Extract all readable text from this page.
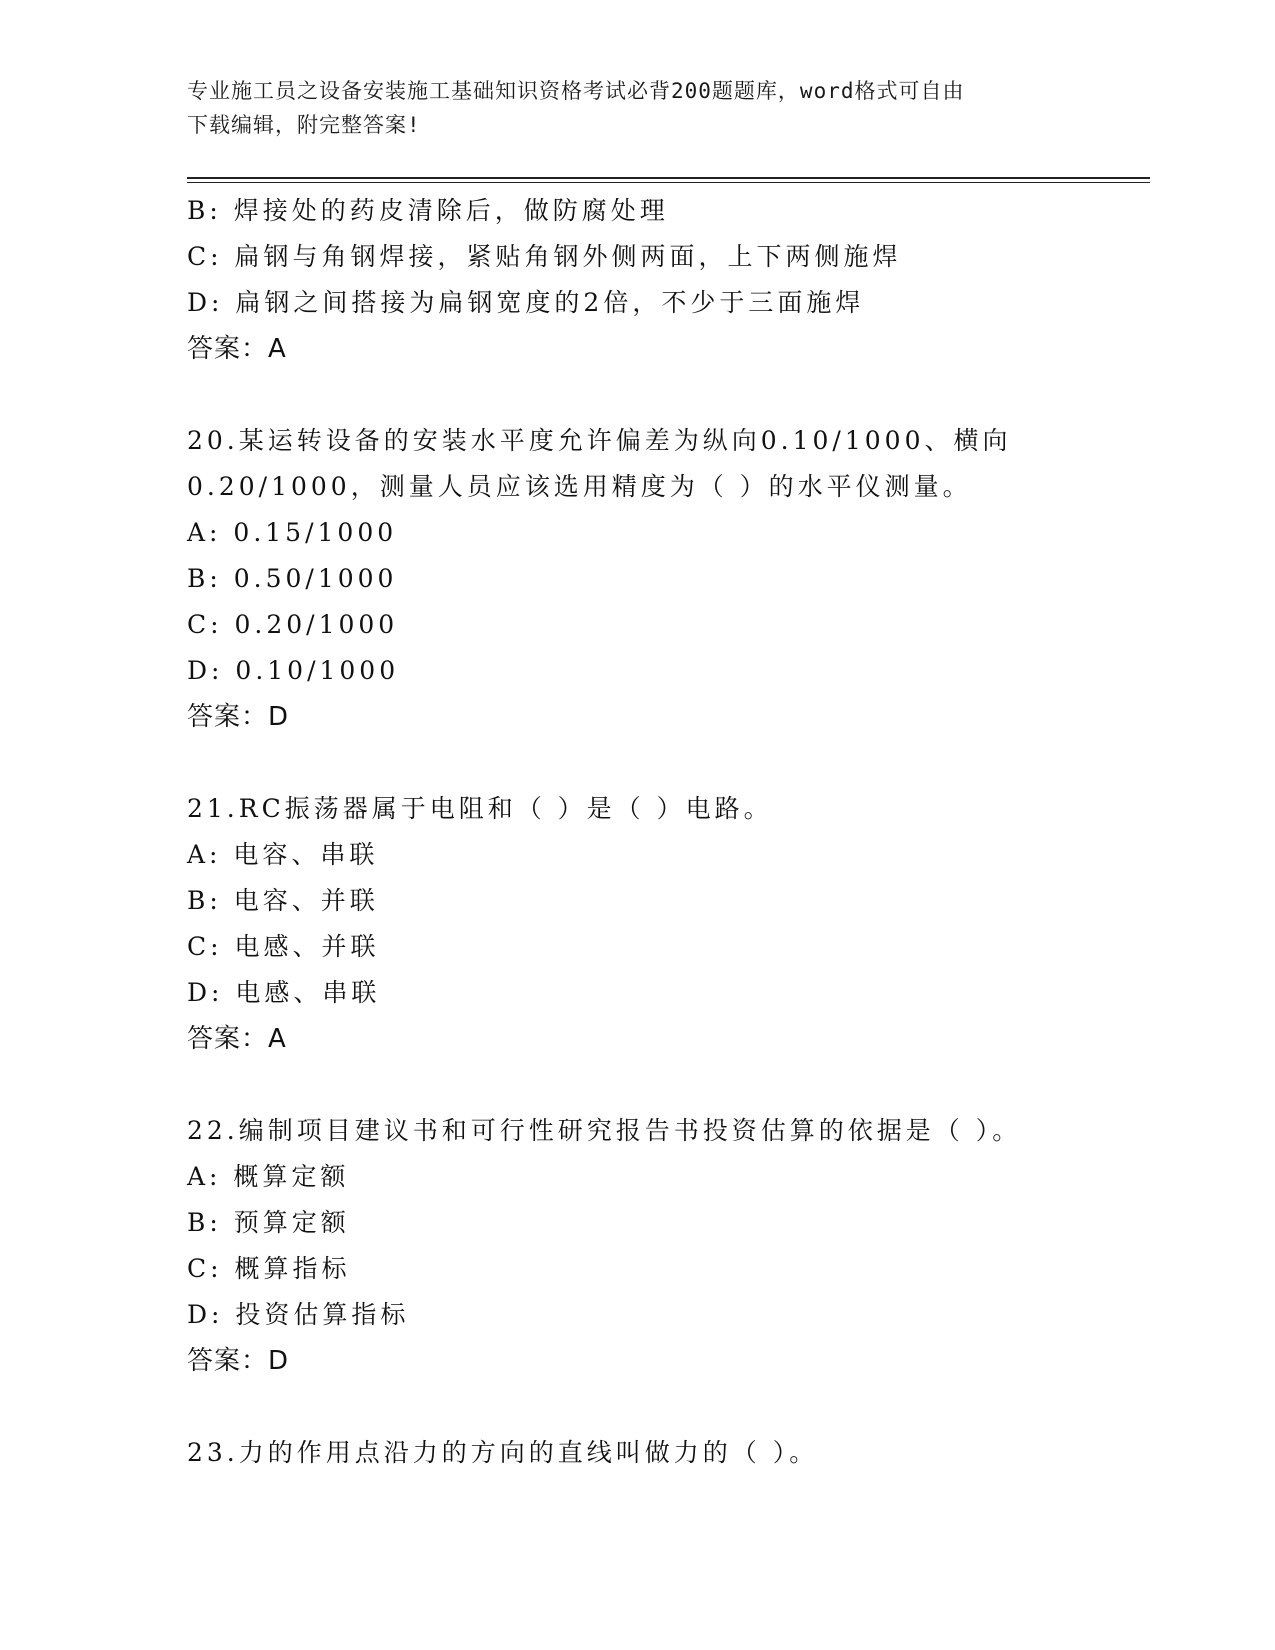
专业施工员之设备安装施工基础知识资格考试必背200题题库，word格式可自由
下载编辑，附完整答案!
B: 焊接处的药皮清除后，做防腐处理
C: 扁钢与角钢焊接，紧贴角钢外侧两面，上下两侧施焊
D: 扁钢之间搭接为扁钢宽度的2倍，不少于三面施焊
答案：A
20.某运转设备的安装水平度允许偏差为纵向0.10/1000、横向
0.20/1000，测量人员应该选用精度为（ ）的水平仪测量。
A: 0.15/1000
B: 0.50/1000
C: 0.20/1000
D: 0.10/1000
答案：D
21.RC振荡器属于电阻和（ ）是（ ）电路。
A: 电容、串联
B: 电容、并联
C: 电感、并联
D: 电感、串联
答案：A
22.编制项目建议书和可行性研究报告书投资估算的依据是（ ）。
A: 概算定额
B: 预算定额
C: 概算指标
D: 投资估算指标
答案：D
23.力的作用点沿力的方向的直线叫做力的（ ）。
